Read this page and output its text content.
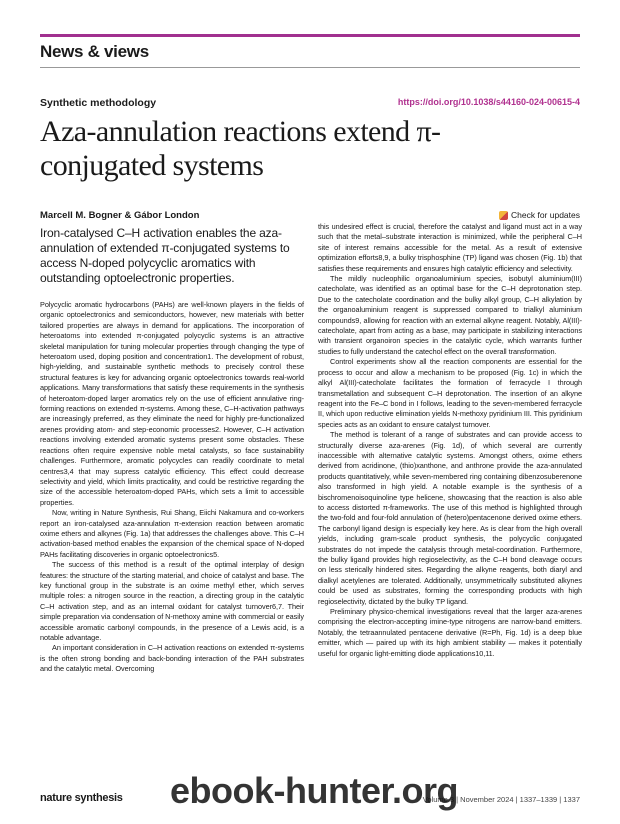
News & views
Synthetic methodology	https://doi.org/10.1038/s44160-024-00615-4
Aza-annulation reactions extend π-conjugated systems
Marcell M. Bogner & Gábor London	Check for updates

Iron-catalysed C–H activation enables the aza-annulation of extended π-conjugated systems to access N-doped polycyclic aromatics with outstanding optoelectronic properties.

Polycyclic aromatic hydrocarbons (PAHs) are well-known players in the fields of organic optoelectronics and semiconductors, however, new materials with better tailored properties are always in demand for applications. The incorporation of heteroatoms into extended π-conjugated polycyclic systems is an attractive skeletal manipulation for tuning molecular properties through changing the type of heteroatom used, doping position and concentration1. The development of robust, high-yielding, and sustainable synthetic methods to precisely control these structural features is key for advancing organic optoelectronics towards real-world applications. Many transformations that satisfy these requirements in the synthesis of heteroatom-doped larger aromatics rely on the use of efficient annulative ring-forming reactions on extended π-systems. Among these, C–H-activation pathways are increasingly preferred, as they eliminate the need for highly pre-functionalized arenes providing atom- and step-economic processes2. However, C–H activation reactions involving extended aromatic systems present some obstacles. These reactions often require expensive noble metal catalysts, so face sustainability challenges. Furthermore, aromatic polycycles can readily coordinate to metal centres3,4 that may supress catalytic efficiency. This effect could decrease selectivity and yield, which limits practicality, and could be restrictive regarding the size of the accessible heteroatom-doped PAHs, which sets a limit to accessible properties.

Now, writing in Nature Synthesis, Rui Shang, Eiichi Nakamura and co-workers report an iron-catalysed aza-annulation π-extension reaction between aromatic oxime ethers and alkynes (Fig. 1a) that addresses the challenges above. This C–H activation-based method enables the expansion of the chemical space of N-doped PAHs facilitating discoveries in organic optoelectronics5.

The success of this method is a result of the optimal interplay of design features: the structure of the starting material, and choice of catalyst and base. The key functional group in the substrate is an oxime methyl ether, which serves multiple roles: a nitrogen source in the reaction, a directing group in the catalytic C–H activation step, and as an internal oxidant for catalyst turnover6,7. Their simple preparation via condensation of N-methoxy amine with commercial or easily accessible aromatic carbonyl compounds, in the presence of a Lewis acid, is a notable advantage.

An important consideration in C–H activation reactions on extended π-systems is the often strong bonding and back-bonding interaction of the PAH substrates and the catalytic metal. Overcoming

this undesired effect is crucial, therefore the catalyst and ligand must act in a way such that the metal–substrate interaction is minimized, while the peripheral C–H site of interest remains accessible for the metal. As a result of extensive optimization efforts8,9, a bulky trisphosphine (TP) ligand was chosen (Fig. 1b) that satisfies these requirements and ensures high catalytic efficiency and selectivity.

The mildly nucleophilic organoaluminium species, isobutyl aluminium(III) catecholate, was identified as an optimal base for the C–H deprotonation step. Due to the catecholate coordination and the bulky alkyl group, C–H alkylation by the organoaluminium reagent is suppressed compared to trialkyl aluminium compounds9, allowing for reaction with an external alkyne reagent. Notably, Al(III)-catecholate, apart from acting as a base, may participate in stabilizing interactions with transient organoiron species in the catalytic cycle, which warrants further studies to fully understand the catechol effect on the overall transformation.

Control experiments show all the reaction components are essential for the process to occur and allow a mechanism to be proposed (Fig. 1c) in which the alkyl Al(III)-catecholate facilitates the formation of ferracycle I through transmetallation and subsequent C–H deprotonation. The insertion of an alkyne reagent into the Fe–C bond in I follows, leading to the seven-membered ferracycle II, which upon reductive elimination yields N-methoxy pyridinium III. This pyridinium species acts as an oxidant to ensure catalyst turnover.

The method is tolerant of a range of substrates and can provide access to structurally diverse aza-arenes (Fig. 1d), of which several are currently inaccessible with alternative catalytic systems. Amongst others, oxime ethers derived from acridinone, (thio)xanthone, and anthrone provide the aza-annulated products quantitatively, while seven-membered ring containing dibenzosuberenone also transformed in high yield. A notable example is the synthesis of a bischromenoisoquinoline type helicene, showcasing that the reaction is also able to access distorted π-frameworks. The use of this method is highlighted through the two-fold and four-fold annulation of (hetero)pentacenone derived oxime ethers. The carbonyl ligand design is especially key here. As is clear from the high overall yields, including gram-scale product synthesis, the polycyclic conjugated substrates do not impede the catalysis through metal-coordination. Furthermore, the bulky ligand provides high regioselectivity, as the C–H bond cleavage occurs on less sterically hindered sites. Regarding the alkyne reagents, both diaryl and dialkyl acetylenes are tolerated. Additionally, unsymmetrically substituted alkynes could be used as substrates, forming the corresponding products with high regioselectivity, dictated by the bulky TP ligand.

Preliminary physico-chemical investigations reveal that the larger aza-arenes comprising the electron-accepting imine-type nitrogens are narrow-band emitters. Notably, the tetraannulated pentacene derivative (R=Ph, Fig. 1d) is a deep blue emitter, which — paired up with its high ambient stability — makes it potentially useful for organic light-emitting diode applications10,11.

nature synthesis	Volume 3 | November 2024 | 1337–1339 | 1337
ebook-hunter.org
